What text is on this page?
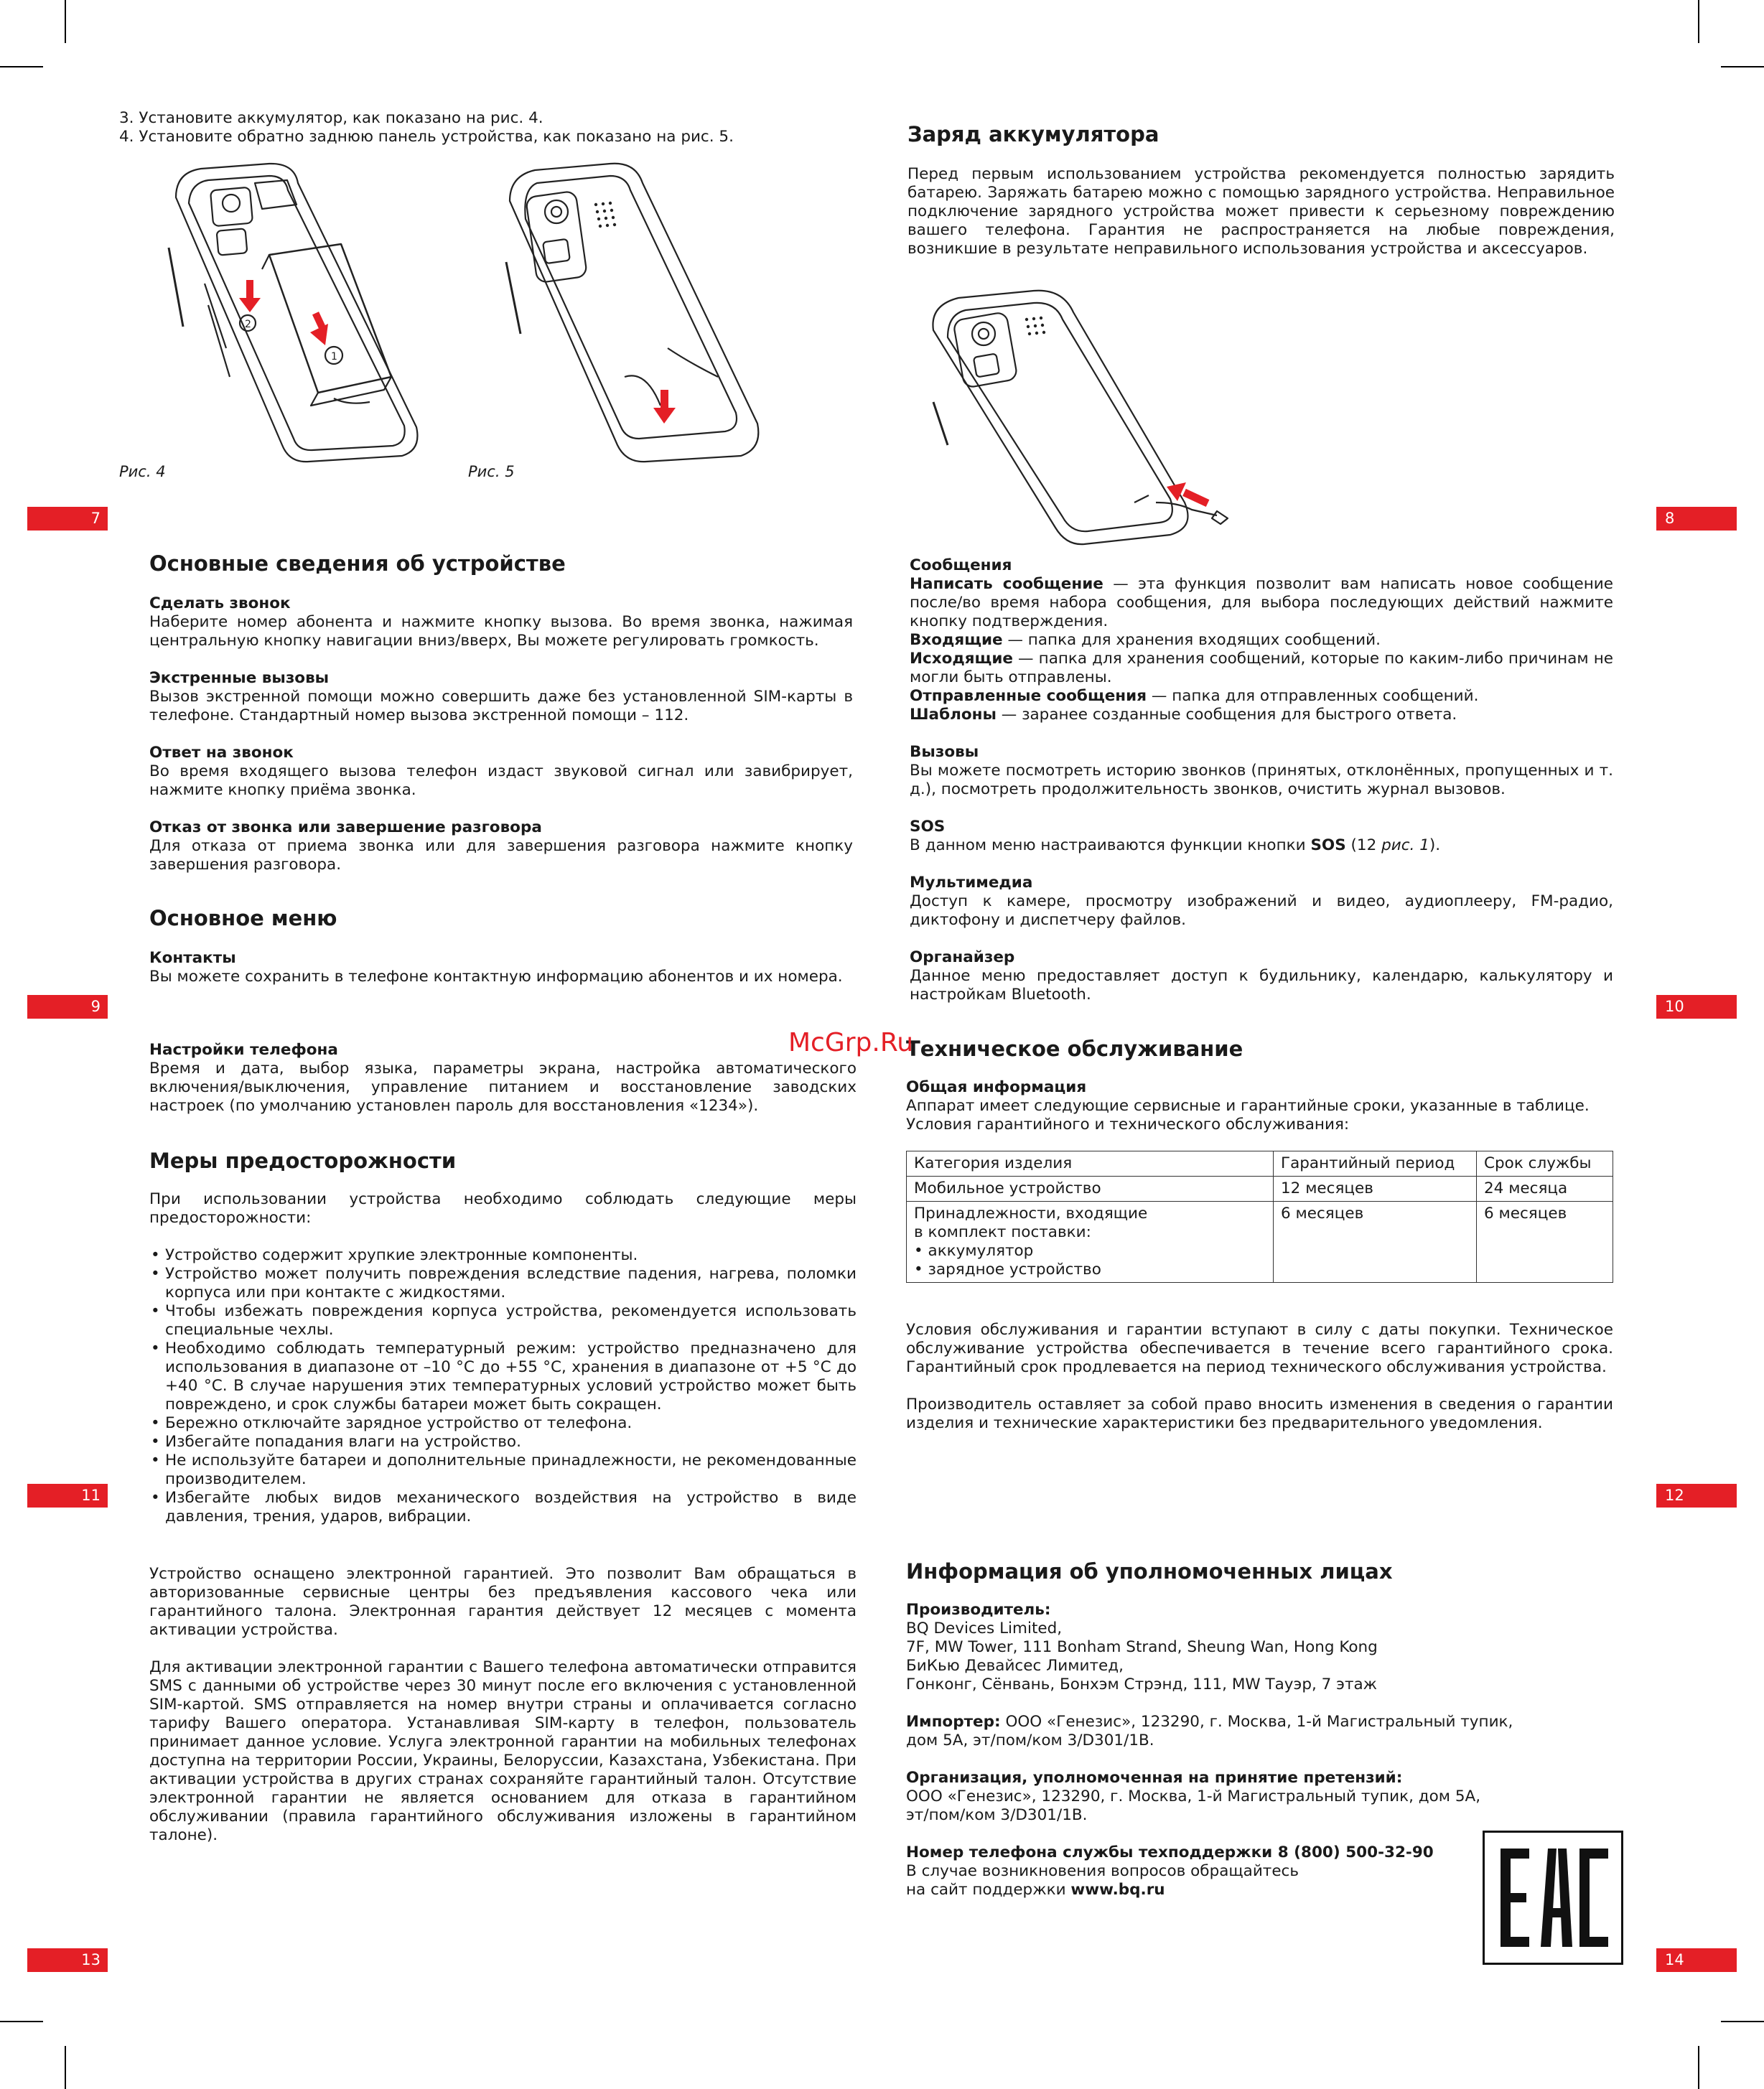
7	8
9	10
11	12
13	14
3. Установите аккумулятор, как показано на рис. 4.
4. Установите обратно заднюю панель устройства, как показано на рис. 5.
2
1
Рис. 4	Рис. 5
Заряд аккумулятора
Перед первым использованием устройства рекомендуется полностью зарядить батарею. Заряжать батарею можно с помощью зарядного устройства. Неправильное подключение зарядного устройства может привести к серьезному повреждению вашего телефона. Гарантия не распространяется на любые повреждения, возникшие в результате неправильного использования устройства и аксессуаров.
Основные сведения об устройстве
Сделать звонок
Наберите номер абонента и нажмите кнопку вызова. Во время звонка, нажимая центральную кнопку навигации вниз/вверх, Вы можете регулировать громкость.
Экстренные вызовы
Вызов экстренной помощи можно совершить даже без установленной SIM-карты в телефоне. Стандартный номер вызова экстренной помощи – 112.
Ответ на звонок
Во время входящего вызова телефон издаст звуковой сигнал или завибрирует, нажмите кнопку приёма звонка.
Отказ от звонка или завершение разговора
Для отказа от приема звонка или для завершения разговора нажмите кнопку завершения разговора.
Основное меню
Контакты
Вы можете сохранить в телефоне контактную информацию абонентов и их номера.
Сообщения
Написать сообщение — эта функция позволит вам написать новое сообщение после/во время набора сообщения, для выбора последующих действий нажмите кнопку подтверждения.
Входящие — папка для хранения входящих сообщений.
Исходящие — папка для хранения сообщений, которые по каким-либо причинам не могли быть отправлены.
Отправленные сообщения — папка для отправленных сообщений.
Шаблоны — заранее созданные сообщения для быстрого ответа.
Вызовы
Вы можете посмотреть историю звонков (принятых, отклонённых, пропущенных и т. д.), посмотреть продолжительность звонков, очистить журнал вызовов.
SOS
В данном меню настраиваются функции кнопки SOS (12 рис. 1).
Мультимедиа
Доступ к камере, просмотру изображений и видео, аудиоплееру, FM-радио, диктофону и диспетчеру файлов.
Органайзер
Данное меню предоставляет доступ к будильнику, календарю, калькулятору и настройкам Bluetooth.
Настройки телефона
Время и дата, выбор языка, параметры экрана, настройка автоматического включения/выключения, управление питанием и восстановление заводских настроек (по умолчанию установлен пароль для восстановления «1234»).
Меры предосторожности
При использовании устройства необходимо соблюдать следующие меры предосторожности:
• Устройство содержит хрупкие электронные компоненты.
• Устройство может получить повреждения вследствие падения, нагрева, поломки корпуса или при контакте с жидкостями.
• Чтобы избежать повреждения корпуса устройства, рекомендуется использовать специальные чехлы.
• Необходимо соблюдать температурный режим: устройство предназначено для использования в диапазоне от –10 °C до +55 °C, хранения в диапазоне от +5 °C до +40 °C. В случае нарушения этих температурных условий устройство может быть повреждено, и срок службы батареи может быть сокращен.
• Бережно отключайте зарядное устройство от телефона.
• Избегайте попадания влаги на устройство.
• Не используйте батареи и дополнительные принадлежности, не рекомендованные производителем.
• Избегайте любых видов механического воздействия на устройство в виде давления, трения, ударов, вибрации.
Техническое обслуживание
Общая информация
Аппарат имеет следующие сервисные и гарантийные сроки, указанные в таблице. Условия гарантийного и технического обслуживания:
Категория изделия	Гарантийный период	Срок службы
Мобильное устройство	12 месяцев	24 месяца

Принадлежности, входящие
в комплект поставки:
• аккумулятор
• зарядное устройство	6 месяцев	6 месяцев
Условия обслуживания и гарантии вступают в силу с даты покупки. Техническое обслуживание устройства обеспечивается в течение всего гарантийного срока. Гарантийный срок продлевается на период технического обслуживания устройства.
Производитель оставляет за собой право вносить изменения в сведения о гарантии изделия и технические характеристики без предварительного уведомления.
McGrp.Ru
Устройство оснащено электронной гарантией. Это позволит Вам обращаться в авторизованные сервисные центры без предъявления кассового чека или гарантийного талона. Электронная гарантия действует 12 месяцев с момента активации устройства.
Для активации электронной гарантии с Вашего телефона автоматически отправится SMS с данными об устройстве через 30 минут после его включения с установленной SIM-картой. SMS отправляется на номер внутри страны и оплачивается согласно тарифу Вашего оператора. Устанавливая SIM-карту в телефон, пользователь принимает данное условие. Услуга электронной гарантии на мобильных телефонах доступна на территории России, Украины, Белоруссии, Казахстана, Узбекистана. При активации устройства в других странах сохраняйте гарантийный талон. Отсутствие электронной гарантии не является основанием для отказа в гарантийном обслуживании (правила гарантийного обслуживания изложены в гарантийном талоне).
Информация об уполномоченных лицах
Производитель:
BQ Devices Limited,
7F, MW Tower, 111 Bonham Strand, Sheung Wan, Hong Kong
БиКью Девайсес Лимитед,
Гонконг, Сёнвань, Бонхэм Стрэнд, 111, MW Тауэр, 7 этаж
Импортер: ООО «Генезис», 123290, г. Москва, 1-й Магистральный тупик,
дом 5А, эт/пом/ком 3/D301/1В.
Организация, уполномоченная на принятие претензий:
ООО «Генезис», 123290, г. Москва, 1-й Магистральный тупик, дом 5А,
эт/пом/ком 3/D301/1В.
Номер телефона службы техподдержки 8 (800) 500-32-90
В случае возникновения вопросов обращайтесь
на сайт поддержки www.bq.ru
